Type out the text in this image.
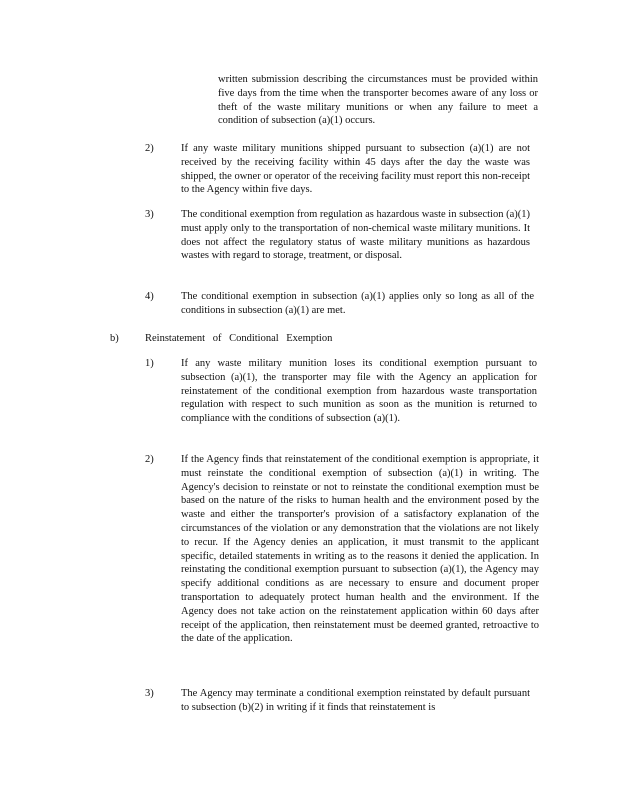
written submission describing the circumstances must be provided within five days from the time when the transporter becomes aware of any loss or theft of the waste military munitions or when any failure to meet a condition of subsection (a)(1) occurs.

2)	If any waste military munitions shipped pursuant to subsection (a)(1) are not received by the receiving facility within 45 days after the day the waste was shipped, the owner or operator of the receiving facility must report this non-receipt to the Agency within five days.

3)	The conditional exemption from regulation as hazardous waste in subsection (a)(1) must apply only to the transportation of non-chemical waste military munitions. It does not affect the regulatory status of waste military munitions as hazardous wastes with regard to storage, treatment, or disposal.

4)	The conditional exemption in subsection (a)(1) applies only so long as all of the conditions in subsection (a)(1) are met.

b)	Reinstatement of Conditional Exemption
1)	If any waste military munition loses its conditional exemption pursuant to subsection (a)(1), the transporter may file with the Agency an application for reinstatement of the conditional exemption from hazardous waste transportation regulation with respect to such munition as soon as the munition is returned to compliance with the conditions of subsection (a)(1).

2)	If the Agency finds that reinstatement of the conditional exemption is appropriate, it must reinstate the conditional exemption of subsection (a)(1) in writing. The Agency's decision to reinstate or not to reinstate the conditional exemption must be based on the nature of the risks to human health and the environment posed by the waste and either the transporter's provision of a satisfactory explanation of the circumstances of the violation or any demonstration that the violations are not likely to recur. If the Agency denies an application, it must transmit to the applicant specific, detailed statements in writing as to the reasons it denied the application. In reinstating the conditional exemption pursuant to subsection (a)(1), the Agency may specify additional conditions as are necessary to ensure and document proper transportation to adequately protect human health and the environment. If the Agency does not take action on the reinstatement application within 60 days after receipt of the application, then reinstatement must be deemed granted, retroactive to the date of the application.

3)	The Agency may terminate a conditional exemption reinstated by default pursuant to subsection (b)(2) in writing if it finds that reinstatement is
